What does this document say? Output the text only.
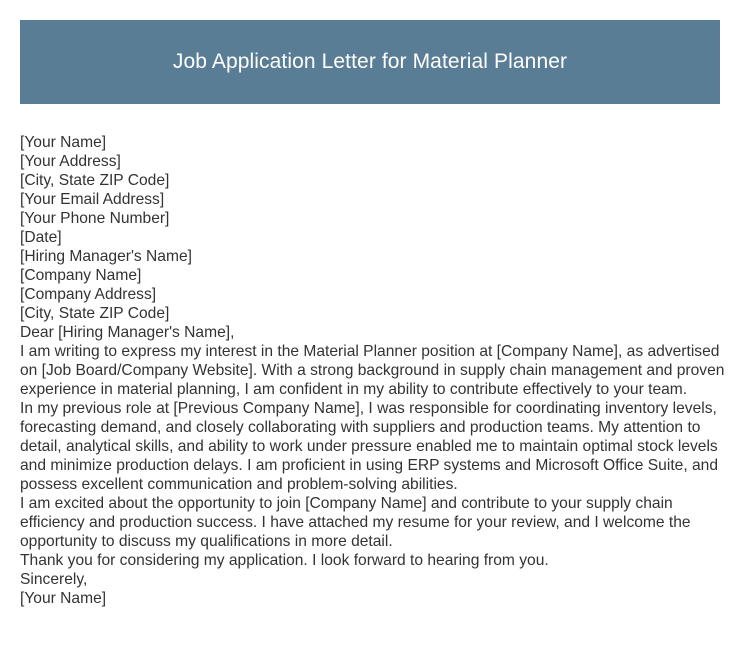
Job Application Letter for Material Planner

[Your Name]

[Your Address]

[City, State ZIP Code]

[Your Email Address]

[Your Phone Number]

[Date]

[Hiring Manager's Name]

[Company Name]

[Company Address]

[City, State ZIP Code]

Dear [Hiring Manager's Name],

I am writing to express my interest in the Material Planner position at [Company Name], as advertised on [Job Board/Company Website]. With a strong background in supply chain management and proven experience in material planning, I am confident in my ability to contribute effectively to your team.

In my previous role at [Previous Company Name], I was responsible for coordinating inventory levels, forecasting demand, and closely collaborating with suppliers and production teams. My attention to detail, analytical skills, and ability to work under pressure enabled me to maintain optimal stock levels and minimize production delays. I am proficient in using ERP systems and Microsoft Office Suite, and possess excellent communication and problem-solving abilities.

I am excited about the opportunity to join [Company Name] and contribute to your supply chain efficiency and production success. I have attached my resume for your review, and I welcome the opportunity to discuss my qualifications in more detail.

Thank you for considering my application. I look forward to hearing from you.

Sincerely,

[Your Name]
